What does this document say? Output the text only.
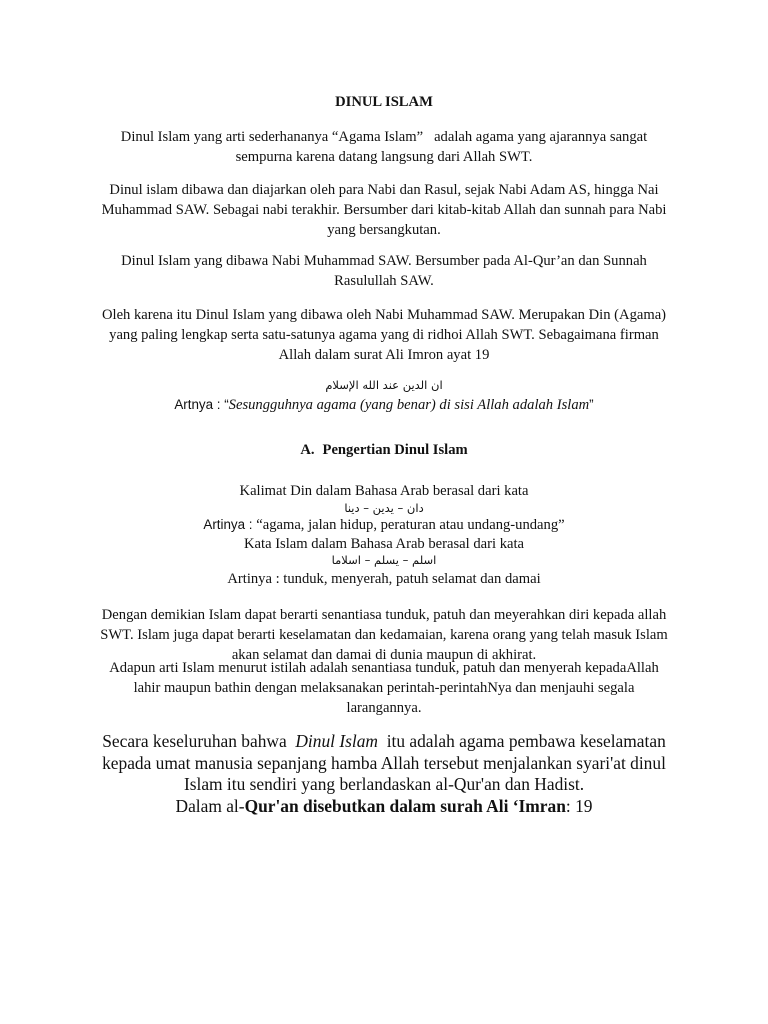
DINUL ISLAM
Dinul Islam yang arti sederhananya “Agama Islam” adalah agama yang ajarannya sangat
sempurna karena datang langsung dari Allah SWT.
Dinul islam dibawa dan diajarkan oleh para Nabi dan Rasul, sejak Nabi Adam AS, hingga Nai
Muhammad SAW. Sebagai nabi terakhir. Bersumber dari kitab-kitab Allah dan sunnah para Nabi
yang bersangkutan.
Dinul Islam yang dibawa Nabi Muhammad SAW. Bersumber pada Al-Qur’an dan Sunnah
Rasulullah SAW.
Oleh karena itu Dinul Islam yang dibawa oleh Nabi Muhammad SAW. Merupakan Din (Agama)
yang paling lengkap serta satu-satunya agama yang di ridhoi Allah SWT. Sebagaimana firman
Allah dalam surat Ali Imron ayat 19
ان الدين عند الله الإسلام
Artnya : “Sesungguhnya agama (yang benar) di sisi Allah adalah Islam”
A. Pengertian Dinul Islam
Kalimat Din dalam Bahasa Arab berasal dari kata
دان – يدين – دينا
Artinya : “agama, jalan hidup, peraturan atau undang-undang”
Kata Islam dalam Bahasa Arab berasal dari kata
اسلم – يسلم – اسلاما
Artinya : tunduk, menyerah, patuh selamat dan damai
Dengan demikian Islam dapat berarti senantiasa tunduk, patuh dan meyerahkan diri kepada allah
SWT. Islam juga dapat berarti keselamatan dan kedamaian, karena orang yang telah masuk Islam
akan selamat dan damai di dunia maupun di akhirat.
Adapun arti Islam menurut istilah adalah senantiasa tunduk, patuh dan menyerah kepadaAllah
lahir maupun bathin dengan melaksanakan perintah-perintahNya dan menjauhi segala
larangannya.
Secara keseluruhan bahwa Dinul Islam itu adalah agama pembawa keselamatan
kepada umat manusia sepanjang hamba Allah tersebut menjalankan syari'at dinul
Islam itu sendiri yang berlandaskan al-Qur'an dan Hadist.
Dalam al-Qur'an disebutkan dalam surah Ali ‘Imran: 19
